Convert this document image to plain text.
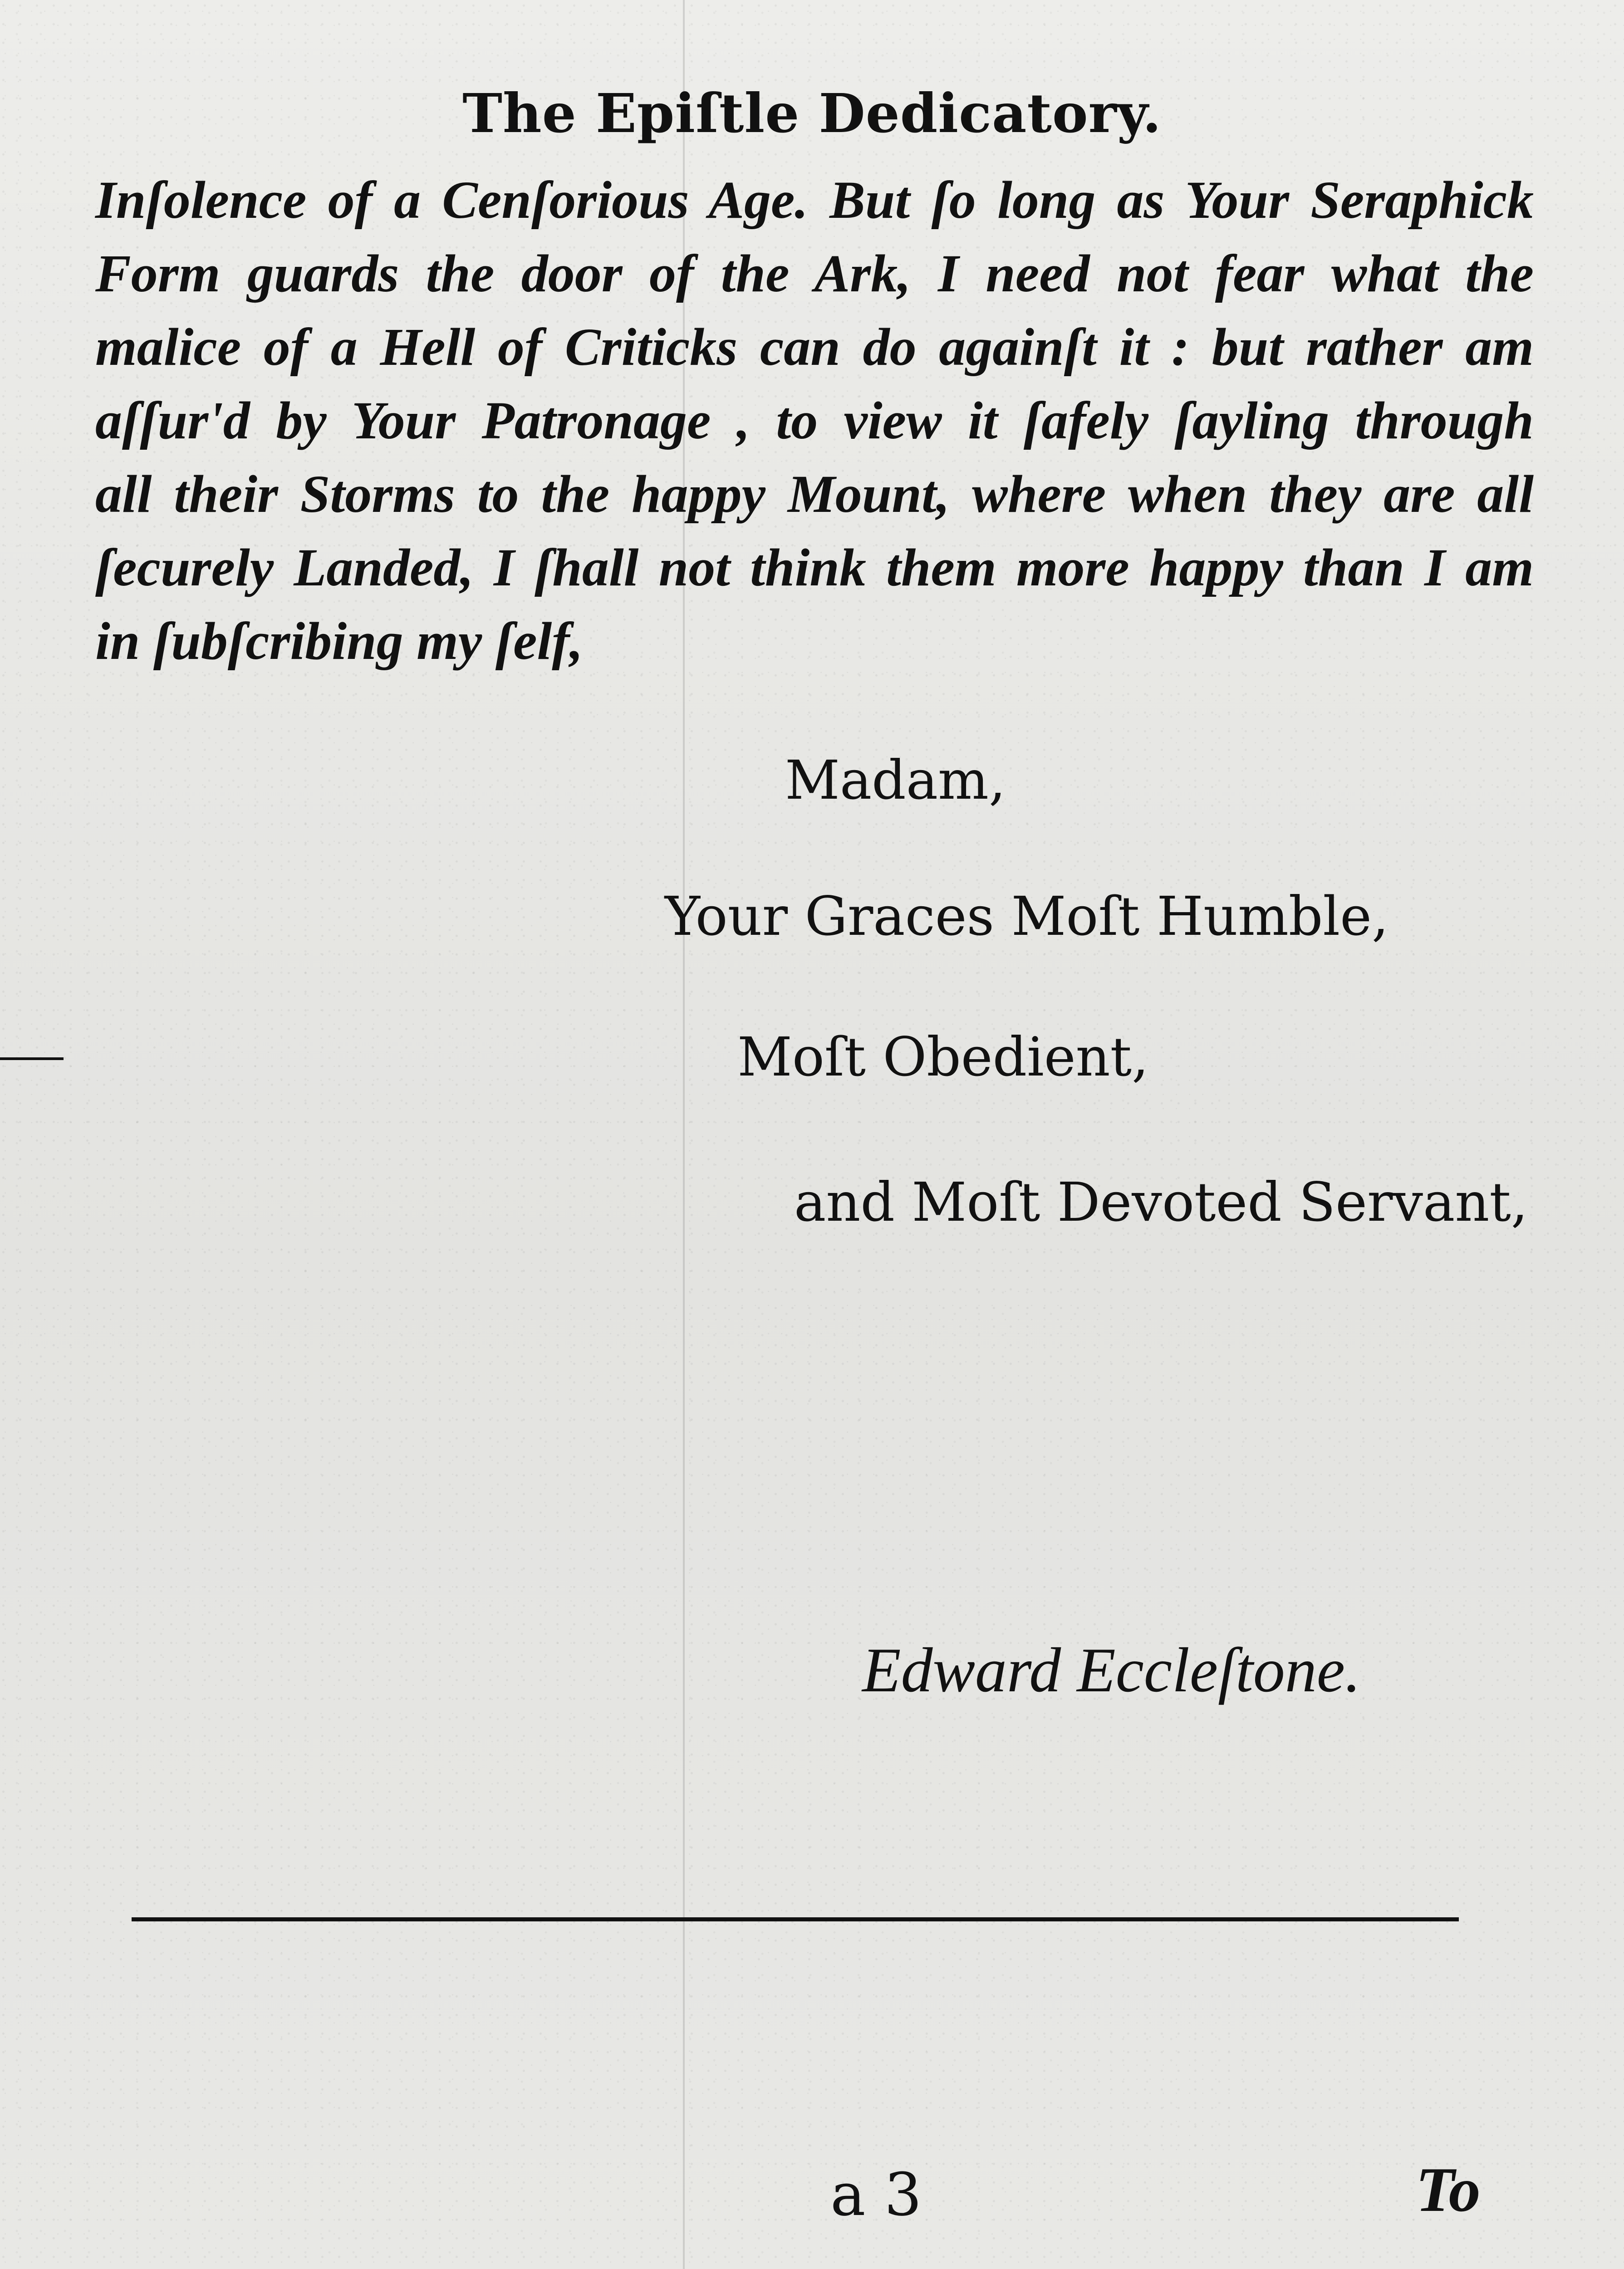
The Epiſtle Dedicatory.
Inſolence of a Cenſorious Age. But ſo long as Your Seraphick
Form guards the door of the Ark, I need not fear what the
malice of a Hell of Criticks can do againſt it : but rather am
aſſur'd by Your Patronage , to view it ſafely ſayling through
all their Storms to the happy Mount, where when they are all
ſecurely Landed, I ſhall not think them more happy than I am
in ſubſcribing my ſelf,
Madam,
Your Graces Moſt Humble,
Moſt Obedient,
and Moſt Devoted Servant,
Edward Eccleſtone.
a 3	To
